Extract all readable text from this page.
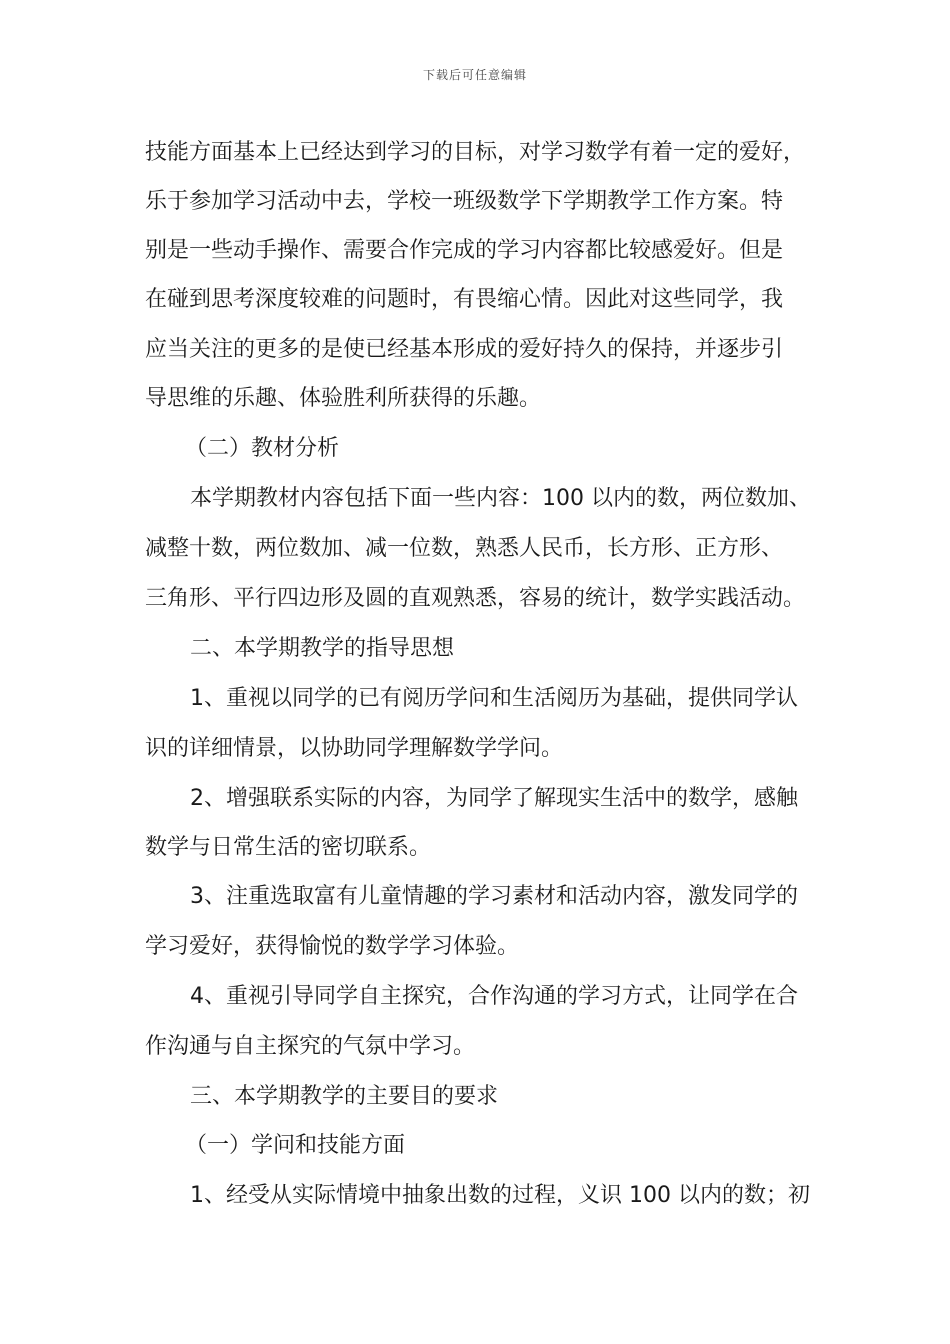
下载后可任意编辑
技能方面基本上已经达到学习的目标，对学习数学有着一定的爱好，
乐于参加学习活动中去，学校一班级数学下学期教学工作方案。特
别是一些动手操作、需要合作完成的学习内容都比较感爱好。但是
在碰到思考深度较难的问题时，有畏缩心情。因此对这些同学，我
应当关注的更多的是使已经基本形成的爱好持久的保持，并逐步引
导思维的乐趣、体验胜利所获得的乐趣。
（二）教材分析
本学期教材内容包括下面一些内容：100 以内的数，两位数加、
减整十数，两位数加、减一位数，熟悉人民币，长方形、正方形、
三角形、平行四边形及圆的直观熟悉，容易的统计，数学实践活动。
二、本学期教学的指导思想
1、重视以同学的已有阅历学问和生活阅历为基础，提供同学认
识的详细情景，以协助同学理解数学学问。
2、增强联系实际的内容，为同学了解现实生活中的数学，感触
数学与日常生活的密切联系。
3、注重选取富有儿童情趣的学习素材和活动内容，激发同学的
学习爱好，获得愉悦的数学学习体验。
4、重视引导同学自主探究，合作沟通的学习方式，让同学在合
作沟通与自主探究的气氛中学习。
三、本学期教学的主要目的要求
（一）学问和技能方面
1、经受从实际情境中抽象出数的过程，义识 100 以内的数；初
